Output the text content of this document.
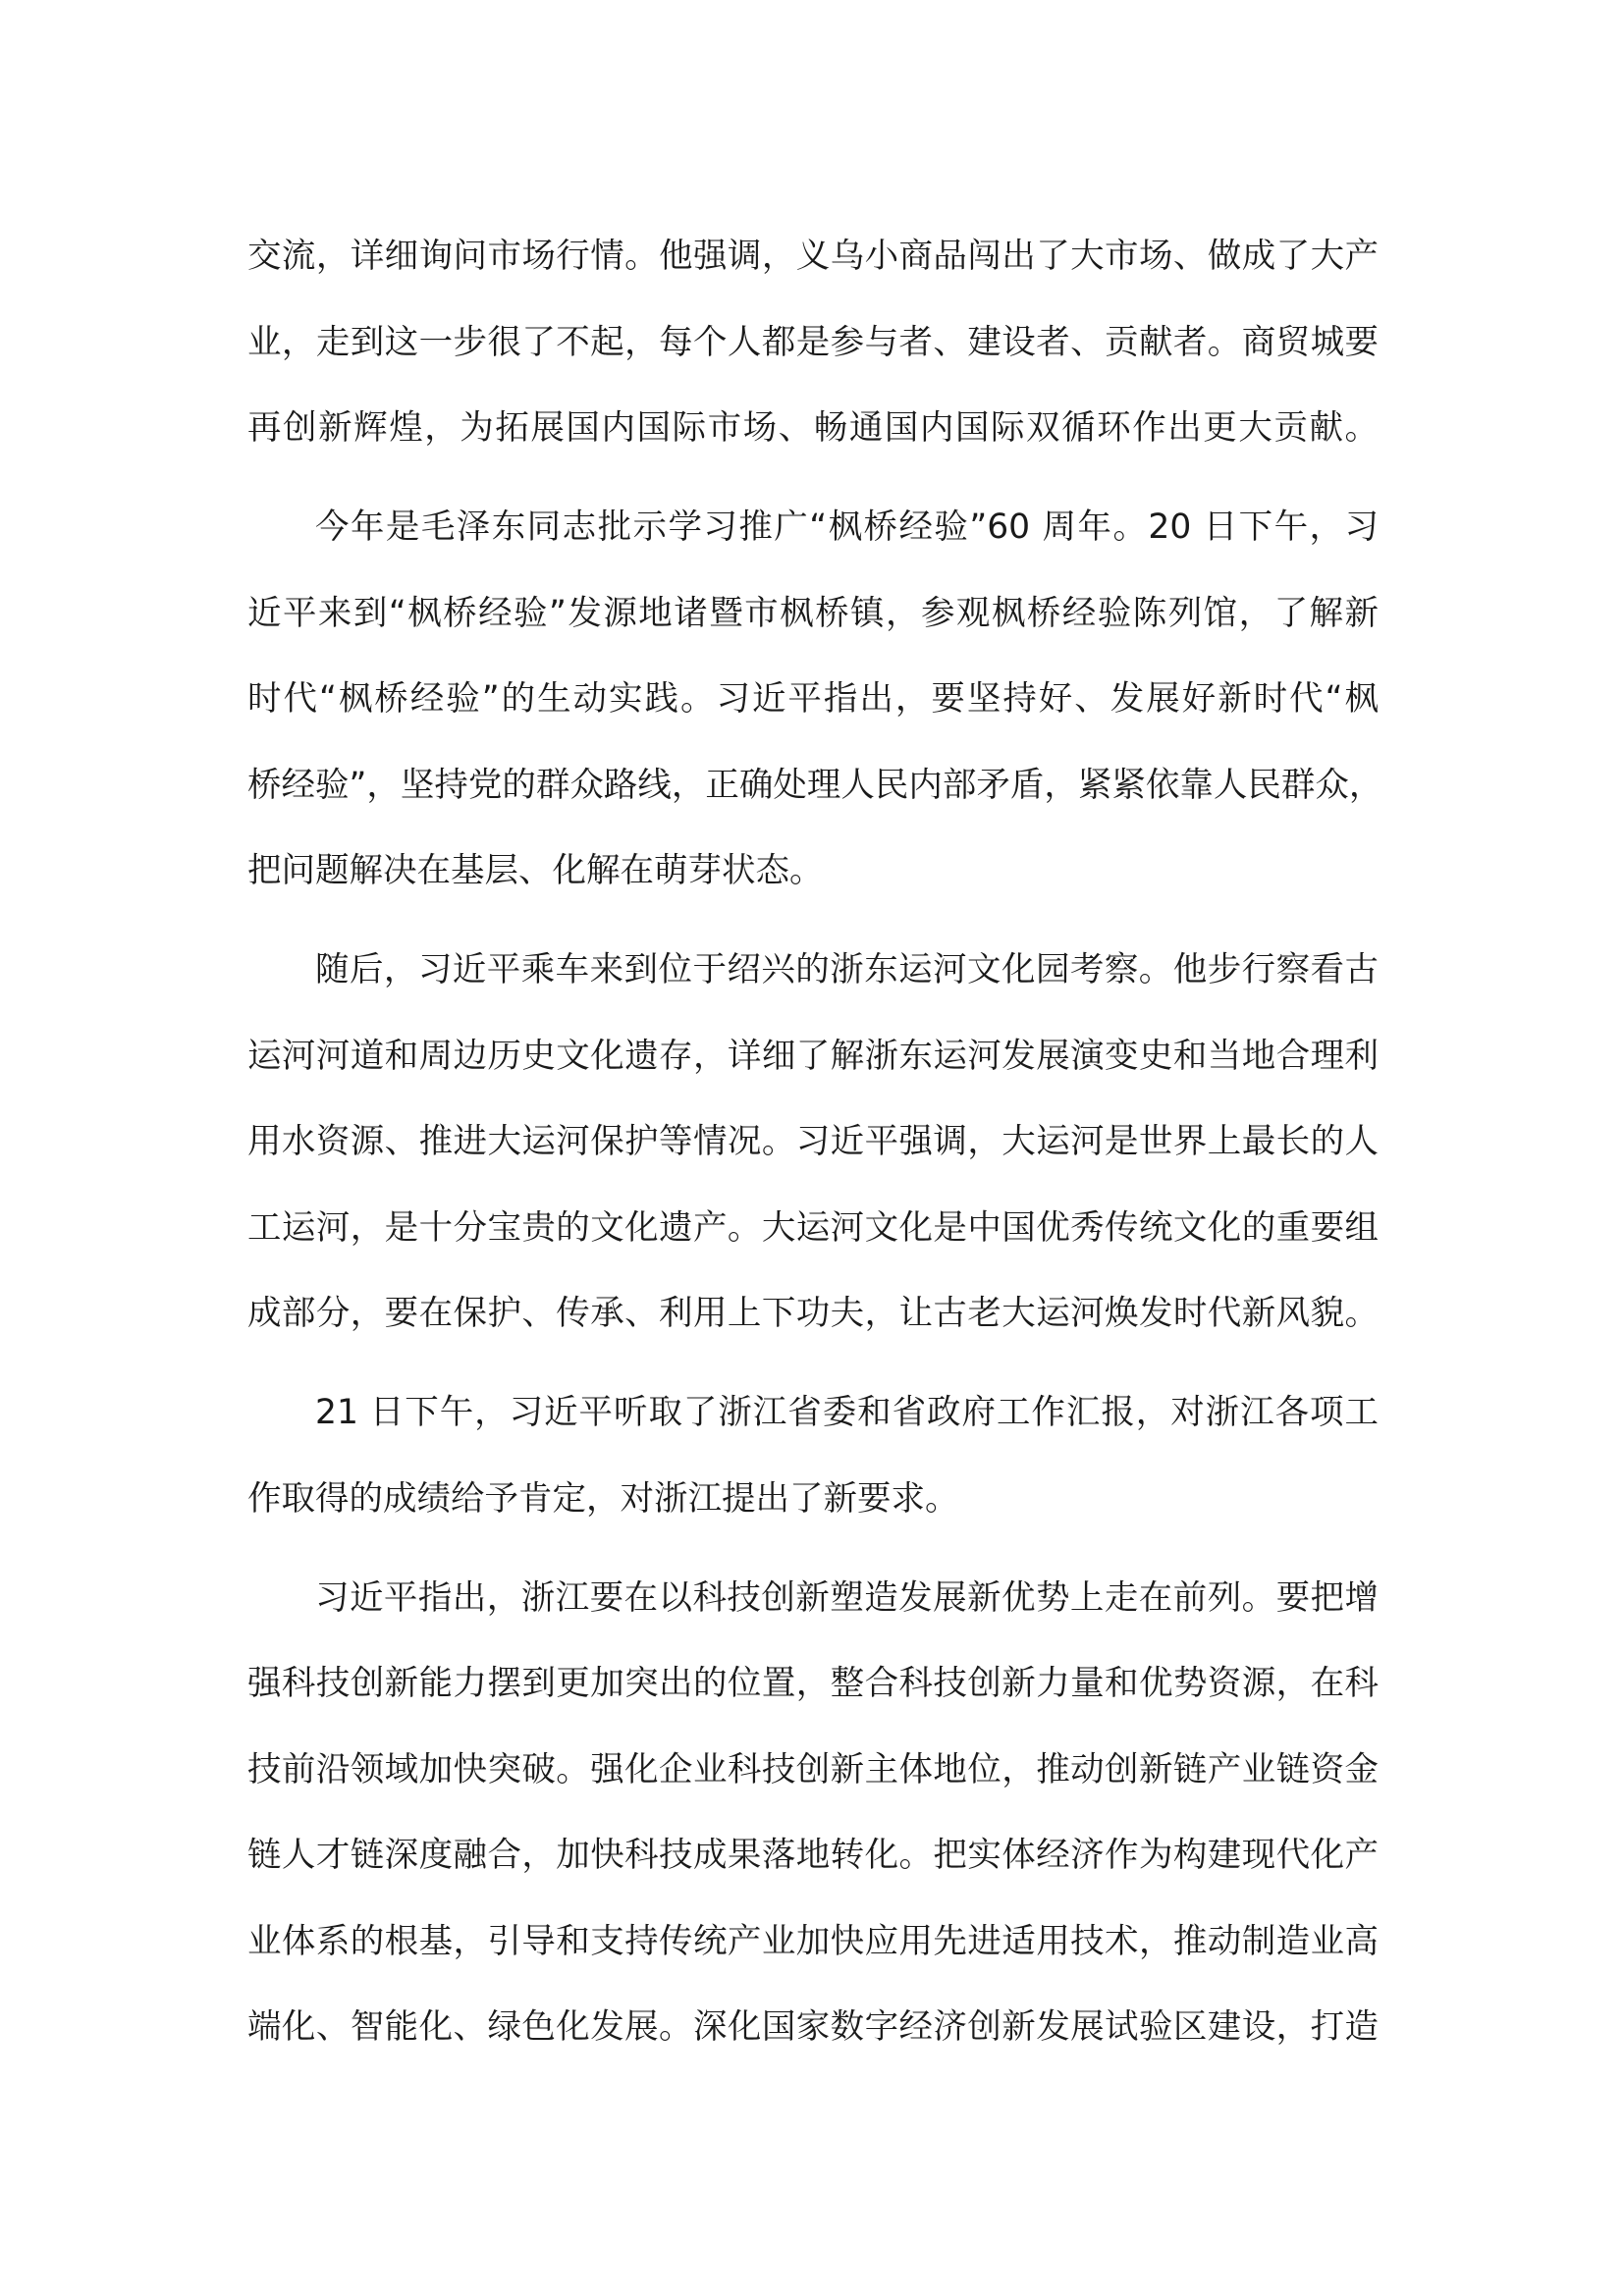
交流，详细询问市场行情。他强调，义乌小商品闯出了大市场、做成了大产
业，走到这一步很了不起，每个人都是参与者、建设者、贡献者。商贸城要
再创新辉煌，为拓展国内国际市场、畅通国内国际双循环作出更大贡献。
今年是毛泽东同志批示学习推广“枫桥经验”60 周年。20 日下午，习
近平来到“枫桥经验”发源地诸暨市枫桥镇，参观枫桥经验陈列馆，了解新
时代“枫桥经验”的生动实践。习近平指出，要坚持好、发展好新时代“枫
桥经验”，坚持党的群众路线，正确处理人民内部矛盾，紧紧依靠人民群众，
把问题解决在基层、化解在萌芽状态。
随后，习近平乘车来到位于绍兴的浙东运河文化园考察。他步行察看古
运河河道和周边历史文化遗存，详细了解浙东运河发展演变史和当地合理利
用水资源、推进大运河保护等情况。习近平强调，大运河是世界上最长的人
工运河，是十分宝贵的文化遗产。大运河文化是中国优秀传统文化的重要组
成部分，要在保护、传承、利用上下功夫，让古老大运河焕发时代新风貌。
21 日下午，习近平听取了浙江省委和省政府工作汇报，对浙江各项工
作取得的成绩给予肯定，对浙江提出了新要求。
习近平指出，浙江要在以科技创新塑造发展新优势上走在前列。要把增
强科技创新能力摆到更加突出的位置，整合科技创新力量和优势资源，在科
技前沿领域加快突破。强化企业科技创新主体地位，推动创新链产业链资金
链人才链深度融合，加快科技成果落地转化。把实体经济作为构建现代化产
业体系的根基，引导和支持传统产业加快应用先进适用技术，推动制造业高
端化、智能化、绿色化发展。深化国家数字经济创新发展试验区建设，打造
